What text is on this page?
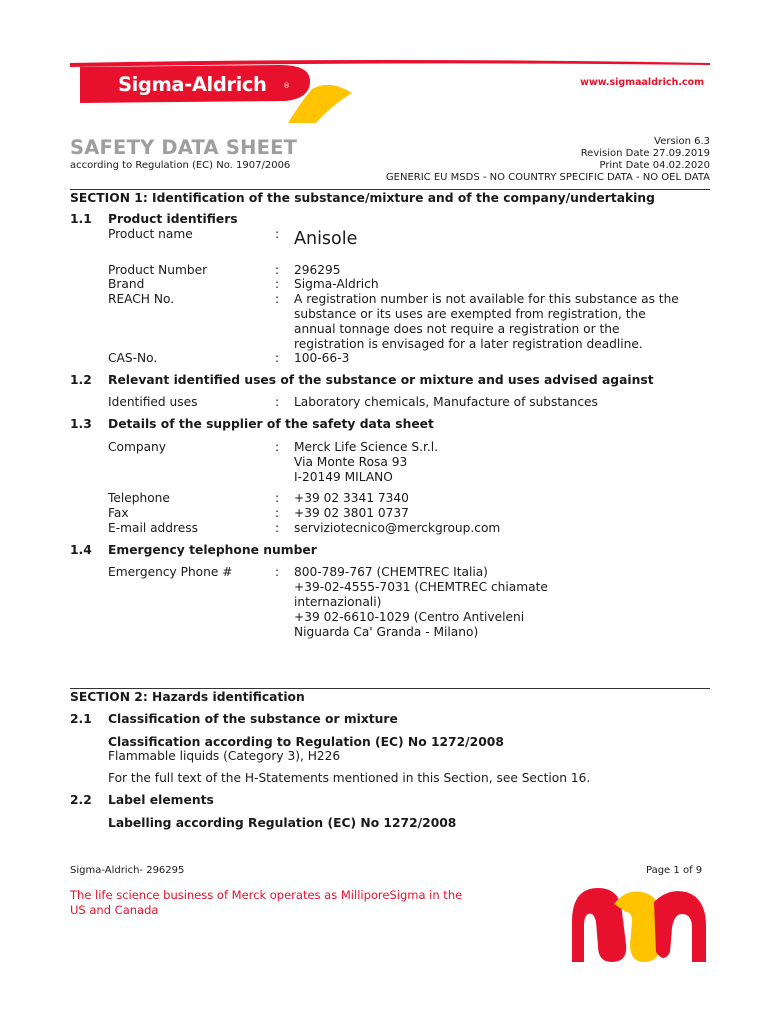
Sigma-Aldrich ®	www.sigmaaldrich.com
SAFETY DATA SHEET
according to Regulation (EC) No. 1907/2006
Version 6.3
Revision Date 27.09.2019
Print Date 04.02.2020
GENERIC EU MSDS - NO COUNTRY SPECIFIC DATA - NO OEL DATA
SECTION 1: Identification of the substance/mixture and of the company/undertaking
1.1 Product identifiers
Product name	: Anisole
Product Number	: 296295
Brand	: Sigma-Aldrich
REACH No.	: A registration number is not available for this substance as the
substance or its uses are exempted from registration, the
annual tonnage does not require a registration or the
registration is envisaged for a later registration deadline.
CAS-No.	: 100-66-3
1.2 Relevant identified uses of the substance or mixture and uses advised against
Identified uses	: Laboratory chemicals, Manufacture of substances
1.3 Details of the supplier of the safety data sheet
Company	: Merck Life Science S.r.l.
Via Monte Rosa 93
I-20149 MILANO
Telephone	: +39 02 3341 7340
Fax	: +39 02 3801 0737
E-mail address	: serviziotecnico@merckgroup.com
1.4 Emergency telephone number
Emergency Phone #	: 800-789-767 (CHEMTREC Italia)
+39-02-4555-7031 (CHEMTREC chiamate
internazionali)
+39 02-6610-1029 (Centro Antiveleni
Niguarda Ca' Granda - Milano)
SECTION 2: Hazards identification
2.1 Classification of the substance or mixture
Classification according to Regulation (EC) No 1272/2008
Flammable liquids (Category 3), H226
For the full text of the H-Statements mentioned in this Section, see Section 16.
2.2 Label elements
Labelling according Regulation (EC) No 1272/2008
Sigma-Aldrich- 296295	Page 1 of 9
The life science business of Merck operates as MilliporeSigma in the US and Canada
